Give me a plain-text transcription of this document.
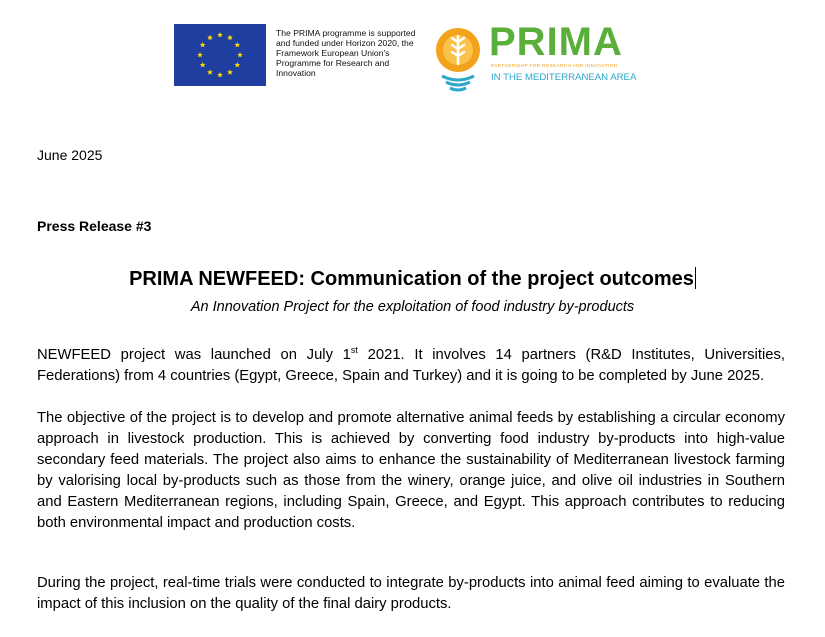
The PRIMA programme is supported and funded under Horizon 2020, the Framework European Union's Programme for Research and Innovation
PRIMA
PARTNERSHIP FOR RESEARCH AND INNOVATION
IN THE MEDITERRANEAN AREA
June 2025
Press Release #3
PRIMA NEWFEED: Communication of the project outcomes
An Innovation Project for the exploitation of food industry by-products
NEWFEED project was launched on July 1st 2021. It involves 14 partners (R&D Institutes, Universities, Federations) from 4 countries (Egypt, Greece, Spain and Turkey) and it is going to be completed by June 2025.
The objective of the project is to develop and promote alternative animal feeds by establishing a circular economy approach in livestock production. This is achieved by converting food industry by-products into high-value secondary feed materials. The project also aims to enhance the sustainability of Mediterranean livestock farming by valorising local by-products such as those from the winery, orange juice, and olive oil industries in Southern and Eastern Mediterranean regions, including Spain, Greece, and Egypt. This approach contributes to reducing both environmental impact and production costs.
During the project, real-time trials were conducted to integrate by-products into animal feed aiming to evaluate the impact of this inclusion on the quality of the final dairy products.
